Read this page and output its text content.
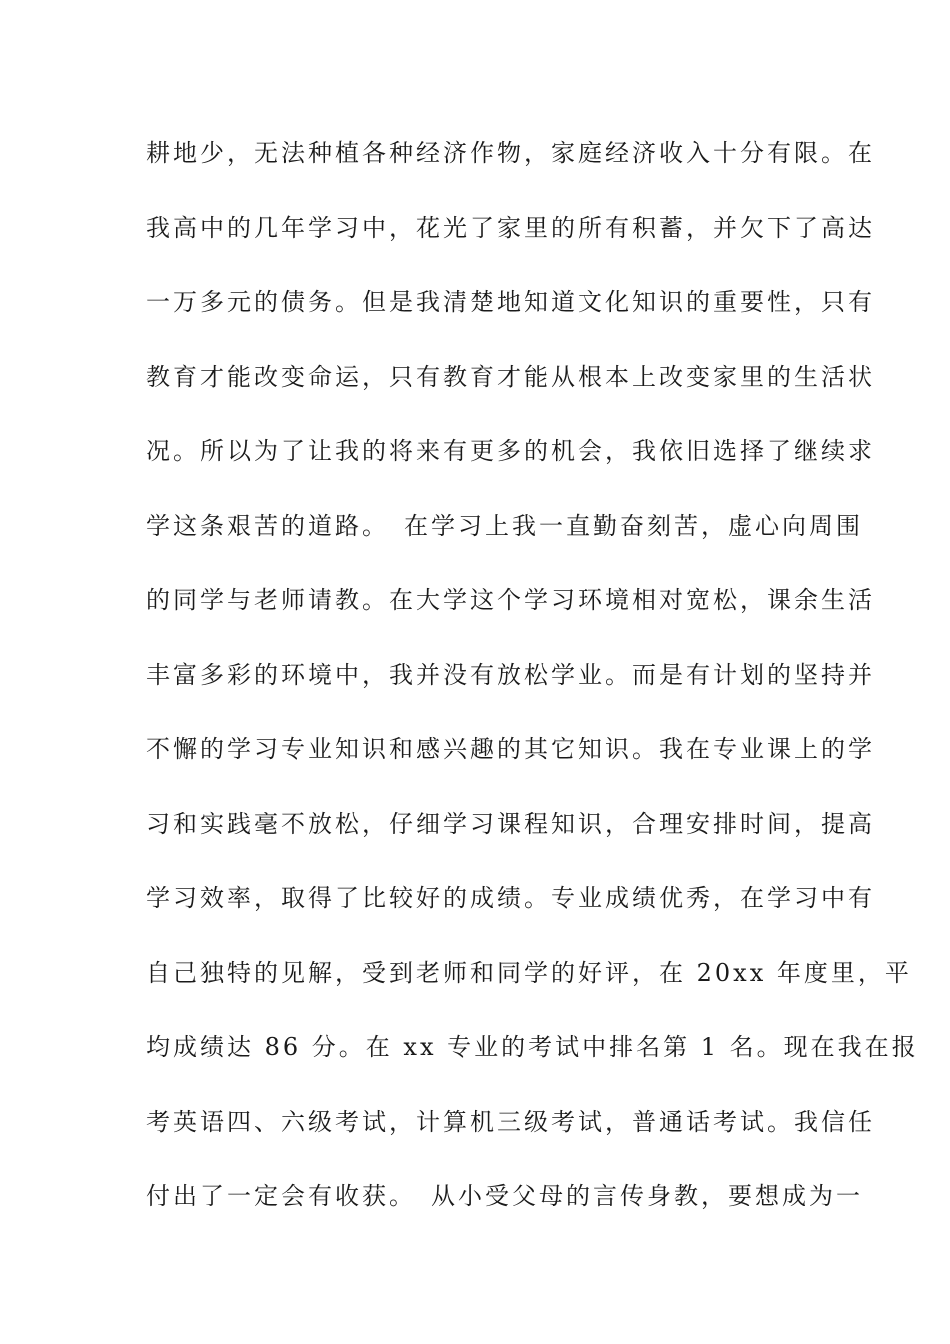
耕地少，无法种植各种经济作物，家庭经济收入十分有限。在
我高中的几年学习中，花光了家里的所有积蓄，并欠下了高达
一万多元的债务。但是我清楚地知道文化知识的重要性，只有
教育才能改变命运，只有教育才能从根本上改变家里的生活状
况。所以为了让我的将来有更多的机会，我依旧选择了继续求
学这条艰苦的道路。　在学习上我一直勤奋刻苦，虚心向周围
的同学与老师请教。在大学这个学习环境相对宽松，课余生活
丰富多彩的环境中，我并没有放松学业。而是有计划的坚持并
不懈的学习专业知识和感兴趣的其它知识。我在专业课上的学
习和实践毫不放松，仔细学习课程知识，合理安排时间，提高
学习效率，取得了比较好的成绩。专业成绩优秀，在学习中有
自己独特的见解，受到老师和同学的好评，在 20xx 年度里，平
均成绩达 86 分。在 xx 专业的考试中排名第 1 名。现在我在报
考英语四、六级考试，计算机三级考试，普通话考试。我信任
付出了一定会有收获。　从小受父母的言传身教，要想成为一
